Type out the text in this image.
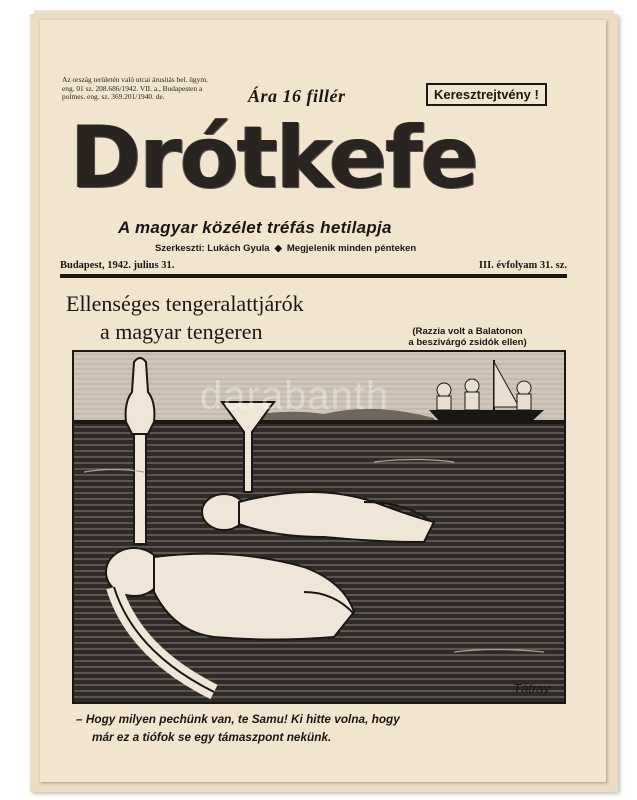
Az ország területén való utcai árusítás bel. ügym. eng. 01 sz. 208.686/1942. VII. a., Budapesten a polmes. eng. sz. 369.201/1940. de.	Ára 16 fillér	Keresztrejtvény !
Drótkefe
A magyar közélet tréfás hetilapja
Szerkeszti: Lukách Gyula ◆ Megjelenik minden pénteken
Budapest, 1942. julius 31.	III. évfolyam 31. sz.
Ellenséges tengeralattjárók
a magyar tengeren	(Razzia volt a Balatonon
a beszivárgó zsidók ellen)
Tátray
– Hogy milyen pechünk van, te Samu! Ki hitte volna, hogy
már ez a tiófok se egy támaszpont nekünk.
darabanth
